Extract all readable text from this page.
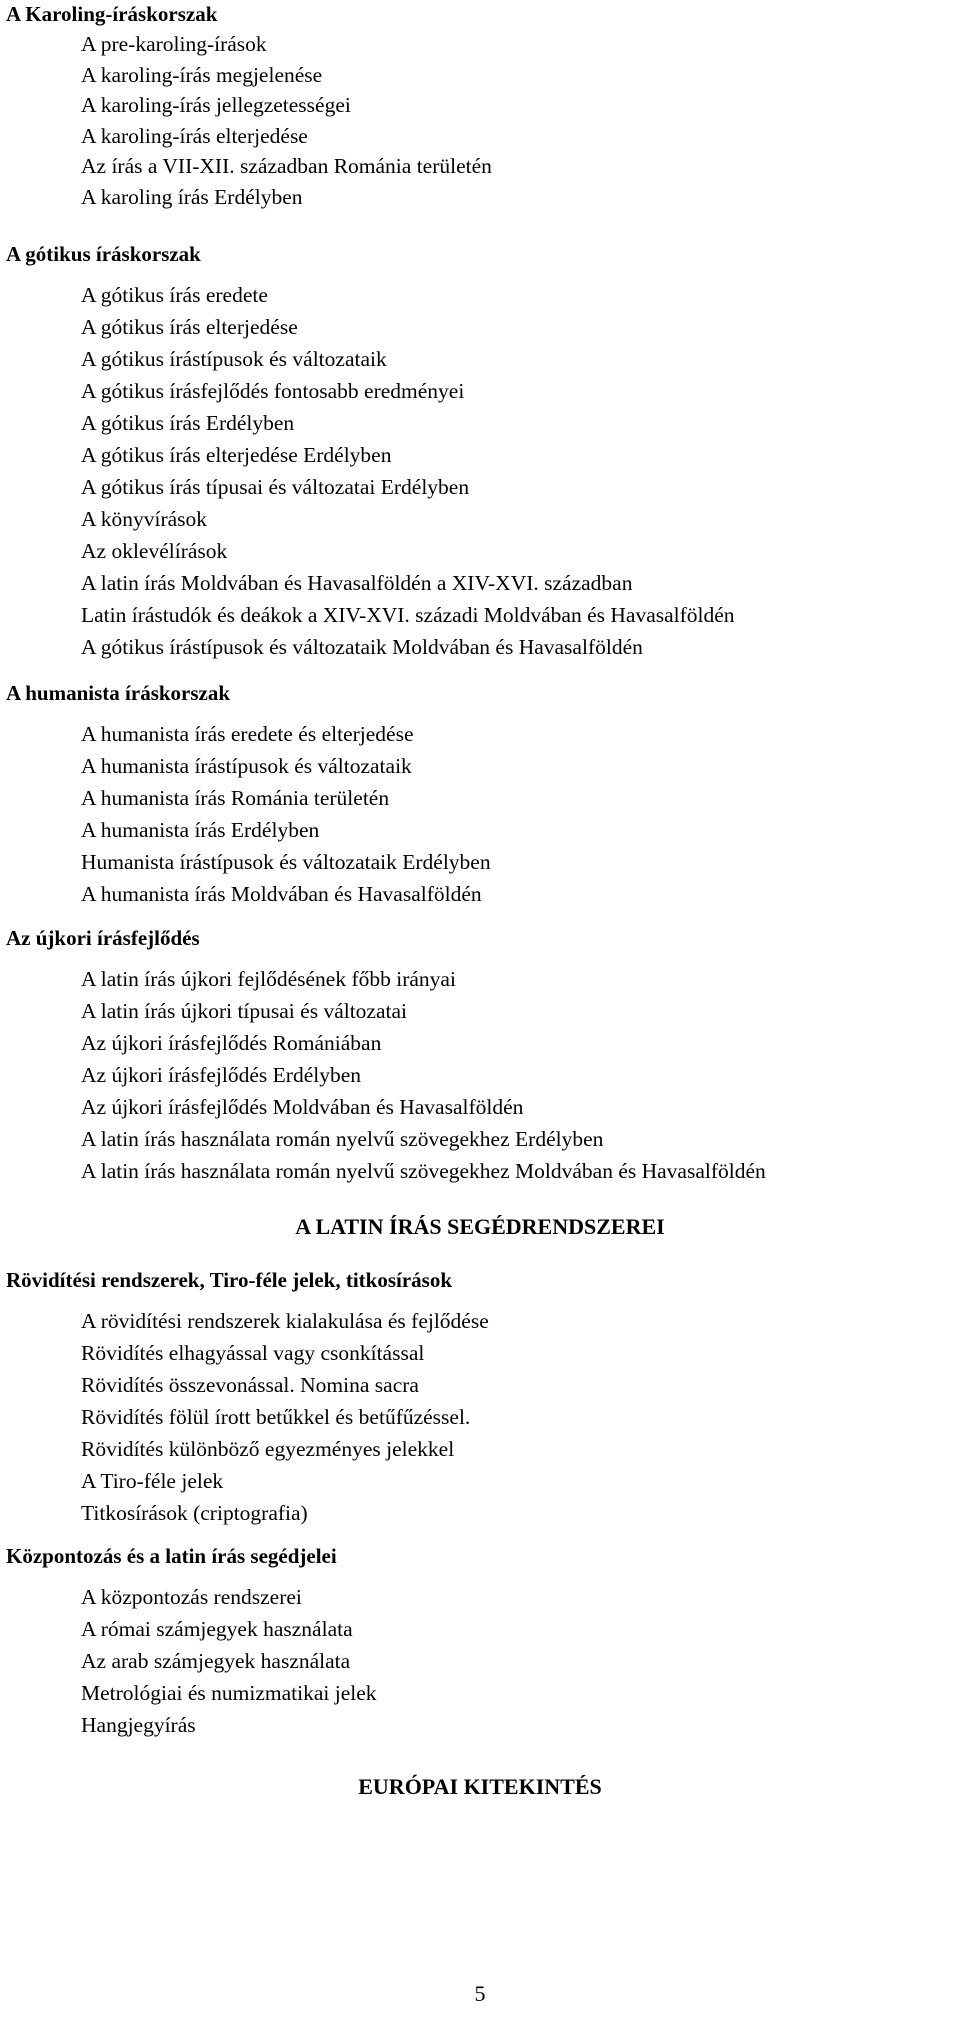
A Karoling-íráskorszak
A pre-karoling-írások
A karoling-írás megjelenése
A karoling-írás jellegzetességei
A karoling-írás elterjedése
Az írás a VII-XII. században Románia területén
A karoling írás Erdélyben
A gótikus íráskorszak
A gótikus írás eredete
A gótikus írás elterjedése
A gótikus írástípusok és változataik
A gótikus írásfejlődés fontosabb eredményei
A gótikus írás Erdélyben
A gótikus írás elterjedése Erdélyben
A gótikus írás típusai és változatai Erdélyben
A könyvírások
Az oklevélírások
A latin írás Moldvában és Havasalföldén a XIV-XVI. században
Latin írástudók és deákok a XIV-XVI. századi Moldvában és Havasalföldén
A gótikus írástípusok és változataik Moldvában és Havasalföldén
A humanista íráskorszak
A humanista írás eredete és elterjedése
A humanista írástípusok és változataik
A humanista írás Románia területén
A humanista írás Erdélyben
Humanista írástípusok és változataik Erdélyben
A humanista írás Moldvában és Havasalföldén
Az újkori írásfejlődés
A latin írás újkori fejlődésének főbb irányai
A latin írás újkori típusai és változatai
Az újkori írásfejlődés Romániában
Az újkori írásfejlődés Erdélyben
Az újkori írásfejlődés Moldvában és Havasalföldén
A latin írás használata román nyelvű szövegekhez Erdélyben
A latin írás használata román nyelvű szövegekhez Moldvában és Havasalföldén
A LATIN ÍRÁS SEGÉDRENDSZEREI
Rövidítési rendszerek, Tiro-féle jelek, titkosírások
A rövidítési rendszerek kialakulása és fejlődése
Rövidítés elhagyással vagy csonkítással
Rövidítés összevonással. Nomina sacra
Rövidítés fölül írott betűkkel és betűfűzéssel.
Rövidítés különböző egyezményes jelekkel
A Tiro-féle jelek
Titkosírások (criptografia)
Központozás és a latin írás segédjelei
A központozás rendszerei
A római számjegyek használata
Az arab számjegyek használata
Metrológiai és numizmatikai jelek
Hangjegyírás
EURÓPAI KITEKINTÉS
5
